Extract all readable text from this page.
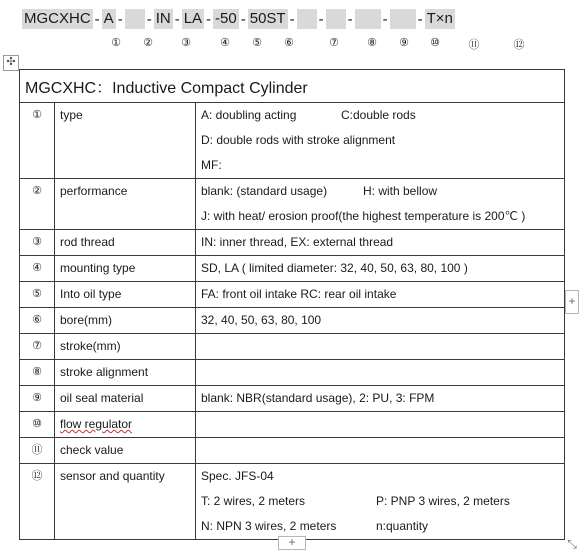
MGCXHC - A - - IN - LA - -50 - 50ST - - - - - T×n
① ②	③	④ ⑤ ⑥	⑦	⑧ ⑨ ⑩	⑪	⑫
✣
MGCXHC：Inductive Compact Cylinder		

①	type	A: doubling acting C:double rods
D: double rods with stroke alignment
MF:

②	performance	blank: (standard usage) H: with bellow
J: with heat/ erosion proof(the highest temperature is 200℃ )

③	rod thread	IN: inner thread, EX: external thread

④	mounting type	SD, LA ( limited diameter: 32, 40, 50, 63, 80, 100 )

⑤	Into oil type	FA: front oil intake RC: rear oil intake

⑥	bore(mm)	32, 40, 50, 63, 80, 100

⑦	stroke(mm)	

⑧	stroke alignment	

⑨	oil seal material	blank: NBR(standard usage), 2: PU, 3: FPM

⑩	flow regulator	

⑪	check value	

⑫	sensor and quantity	Spec. JFS-04
T: 2 wires, 2 meters P: PNP 3 wires, 2 meters
N: NPN 3 wires, 2 meters n:quantity
+
+	⤡
